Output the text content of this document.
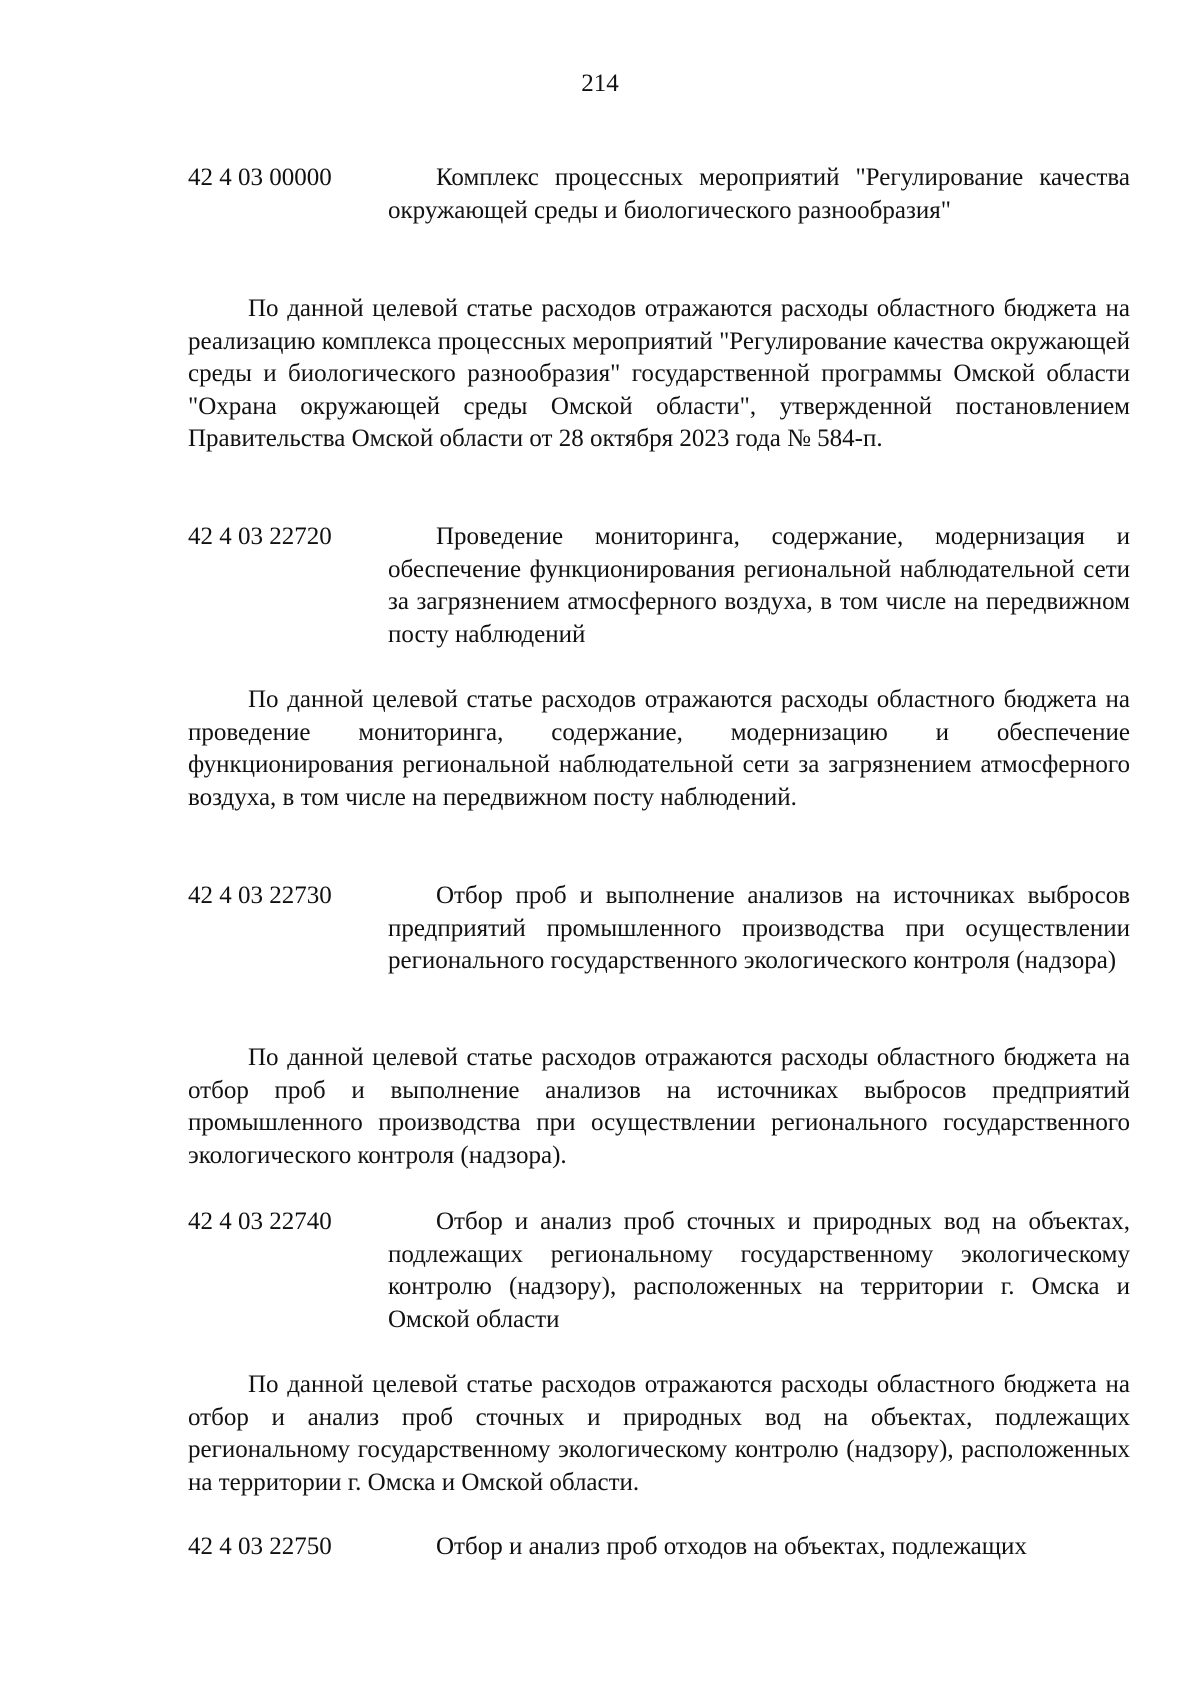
214
42 4 03 00000	Комплекс процессных мероприятий "Регулирование качества окружающей среды и биологического разнообразия"

По данной целевой статье расходов отражаются расходы областного бюджета на реализацию комплекса процессных мероприятий "Регулирование качества окружающей среды и биологического разнообразия" государственной программы Омской области "Охрана окружающей среды Омской области", утвержденной постановлением Правительства Омской области от 28 октября 2023 года № 584-п.

42 4 03 22720	Проведение мониторинга, содержание, модернизация и обеспечение функционирования региональной наблюдательной сети за загрязнением атмосферного воздуха, в том числе на передвижном посту наблюдений

По данной целевой статье расходов отражаются расходы областного бюджета на проведение мониторинга, содержание, модернизацию и обеспечение функционирования региональной наблюдательной сети за загрязнением атмосферного воздуха, в том числе на передвижном посту наблюдений.

42 4 03 22730	Отбор проб и выполнение анализов на источниках выбросов предприятий промышленного производства при осуществлении регионального государственного экологического контроля (надзора)

По данной целевой статье расходов отражаются расходы областного бюджета на отбор проб и выполнение анализов на источниках выбросов предприятий промышленного производства при осуществлении регионального государственного экологического контроля (надзора).

42 4 03 22740	Отбор и анализ проб сточных и природных вод на объектах, подлежащих региональному государственному экологическому контролю (надзору), расположенных на территории г. Омска и Омской области

По данной целевой статье расходов отражаются расходы областного бюджета на отбор и анализ проб сточных и природных вод на объектах, подлежащих региональному государственному экологическому контролю (надзору), расположенных на территории г. Омска и Омской области.

42 4 03 22750	Отбор и анализ проб отходов на объектах, подлежащих
